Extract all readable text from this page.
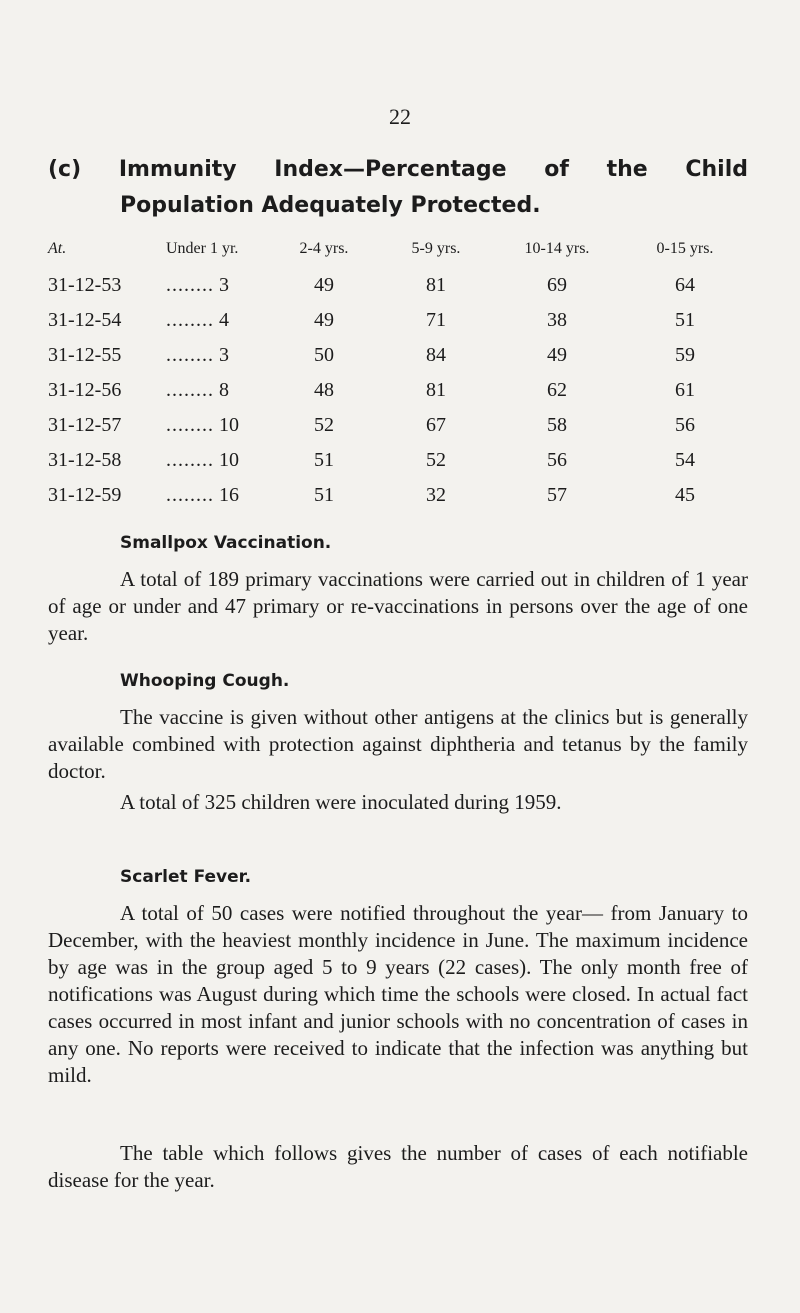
22
(c) Immunity Index—Percentage of the Child
Population Adequately Protected.
At.	Under 1 yr.	2-4 yrs.	5-9 yrs.	10-14 yrs.	0-15 yrs.
31-12-53	........ 3	49	81	69	64
31-12-54	........ 4	49	71	38	51
31-12-55	........ 3	50	84	49	59
31-12-56	........ 8	48	81	62	61
31-12-57	........ 10	52	67	58	56
31-12-58	........ 10	51	52	56	54
31-12-59	........ 16	51	32	57	45
Smallpox Vaccination.

A total of 189 primary vaccinations were carried out in children of 1 year of age or under and 47 primary or re-vaccinations in persons over the age of one year.

Whooping Cough.

The vaccine is given without other antigens at the clinics but is generally available combined with protection against diphtheria and tetanus by the family doctor.

A total of 325 children were inoculated during 1959.

Scarlet Fever.

A total of 50 cases were notified throughout the year— from January to December, with the heaviest monthly incidence in June. The maximum incidence by age was in the group aged 5 to 9 years (22 cases). The only month free of notifications was August during which time the schools were closed. In actual fact cases occurred in most infant and junior schools with no concentration of cases in any one. No reports were received to indicate that the infection was anything but mild.

The table which follows gives the number of cases of each notifiable disease for the year.
